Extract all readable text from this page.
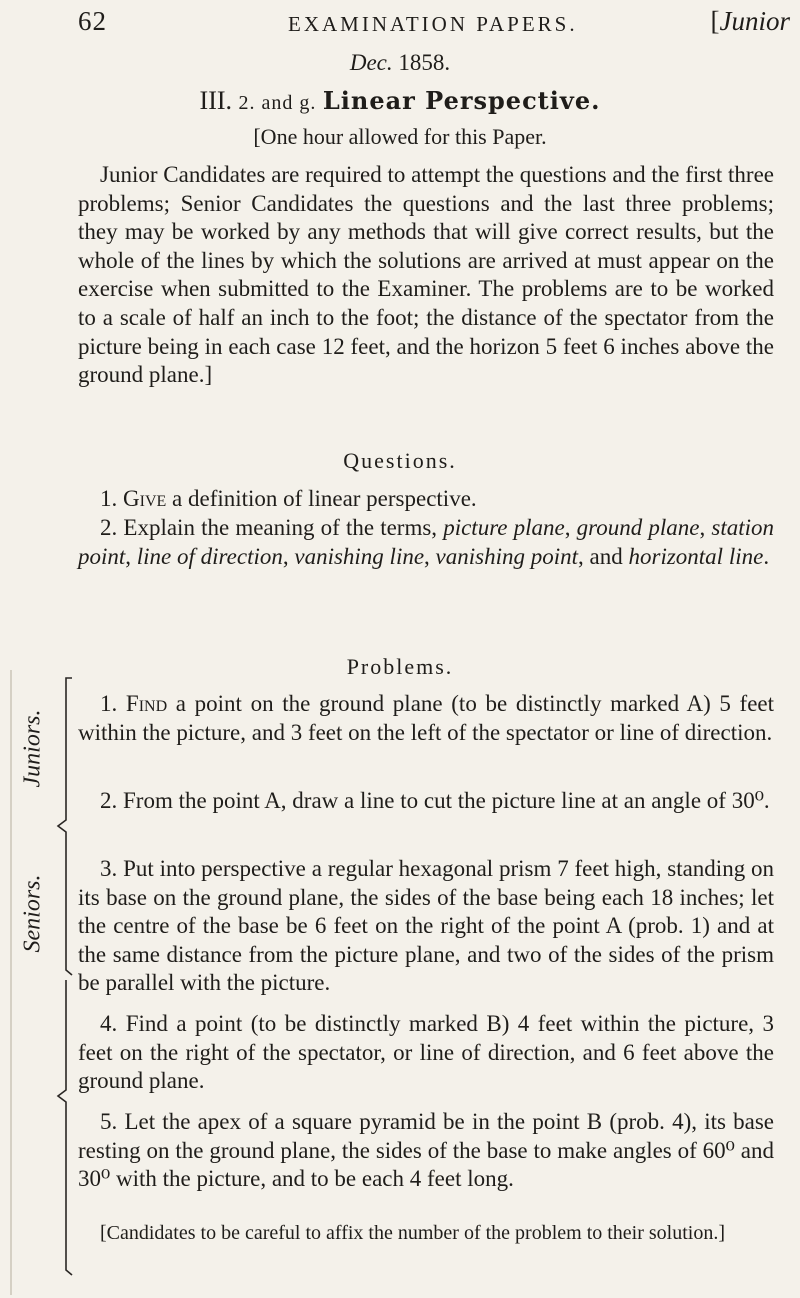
62	EXAMINATION PAPERS.	[Junior
Dec. 1858.
III. 2. and g. Linear Perspective.
[One hour allowed for this Paper.

Junior Candidates are required to attempt the questions and the first three problems; Senior Candidates the questions and the last three problems; they may be worked by any methods that will give correct results, but the whole of the lines by which the solutions are arrived at must appear on the exercise when submitted to the Examiner. The problems are to be worked to a scale of half an inch to the foot; the distance of the spectator from the picture being in each case 12 feet, and the horizon 5 feet 6 inches above the ground plane.]

Questions.

1. Give a definition of linear perspective.

2. Explain the meaning of the terms, picture plane, ground plane, station point, line of direction, vanishing line, vanishing point, and horizontal line.

Problems.

1. Find a point on the ground plane (to be distinctly marked A) 5 feet within the picture, and 3 feet on the left of the spectator or line of direction.

2. From the point A, draw a line to cut the picture line at an angle of 30⁰.

3. Put into perspective a regular hexagonal prism 7 feet high, standing on its base on the ground plane, the sides of the base being each 18 inches; let the centre of the base be 6 feet on the right of the point A (prob. 1) and at the same distance from the picture plane, and two of the sides of the prism be parallel with the picture.

4. Find a point (to be distinctly marked B) 4 feet within the picture, 3 feet on the right of the spectator, or line of direction, and 6 feet above the ground plane.

5. Let the apex of a square pyramid be in the point B (prob. 4), its base resting on the ground plane, the sides of the base to make angles of 60⁰ and 30⁰ with the picture, and to be each 4 feet long.

[Candidates to be careful to affix the number of the problem to their solution.]

Juniors.
Seniors.
